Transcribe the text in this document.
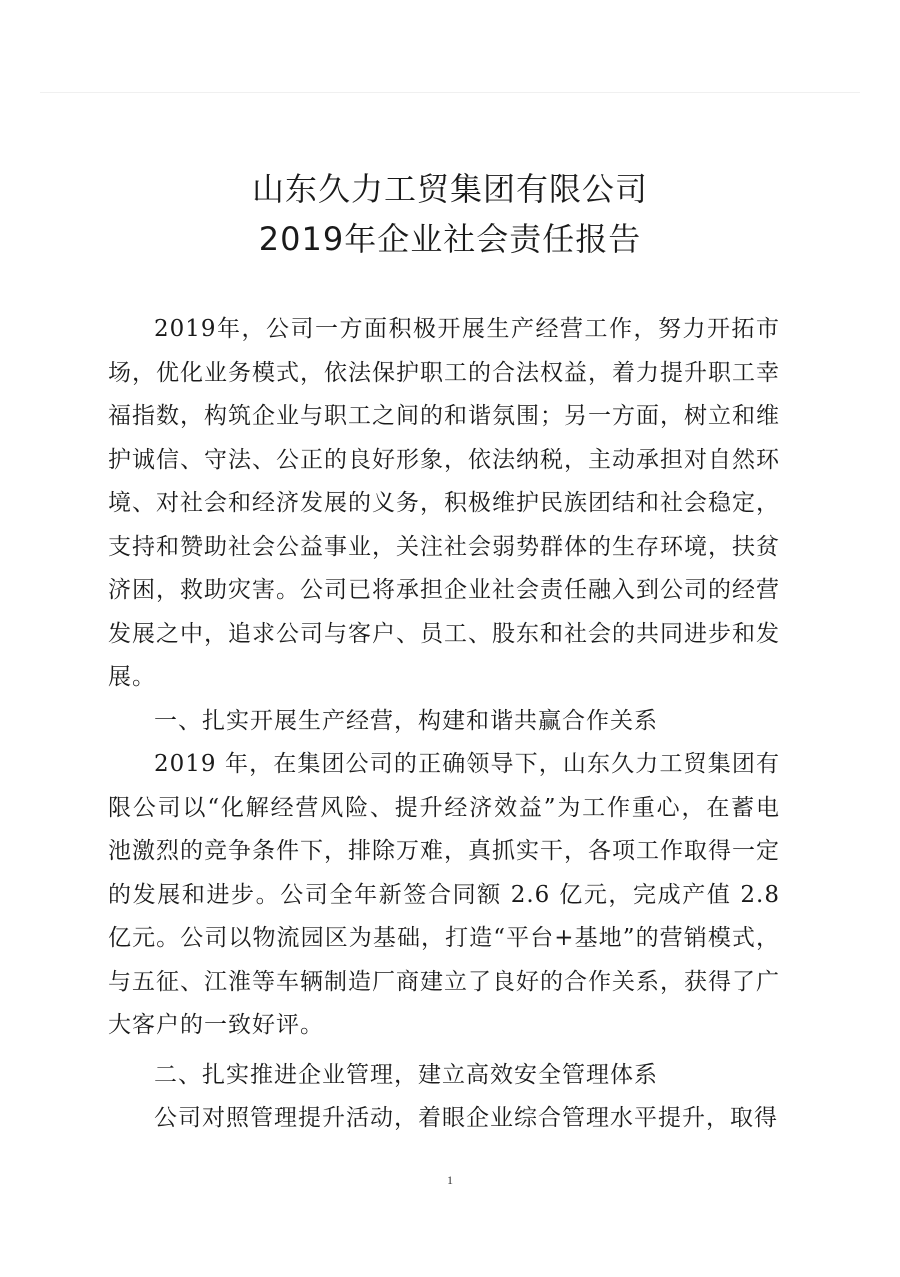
山东久力工贸集团有限公司
2019年企业社会责任报告

2019年，公司一方面积极开展生产经营工作，努力开拓市场，优化业务模式，依法保护职工的合法权益，着力提升职工幸福指数，构筑企业与职工之间的和谐氛围；另一方面，树立和维护诚信、守法、公正的良好形象，依法纳税，主动承担对自然环境、对社会和经济发展的义务，积极维护民族团结和社会稳定，支持和赞助社会公益事业，关注社会弱势群体的生存环境，扶贫济困，救助灾害。公司已将承担企业社会责任融入到公司的经营发展之中，追求公司与客户、员工、股东和社会的共同进步和发展。

一、扎实开展生产经营，构建和谐共赢合作关系

2019 年，在集团公司的正确领导下，山东久力工贸集团有限公司以“化解经营风险、提升经济效益”为工作重心，在蓄电池激烈的竞争条件下，排除万难，真抓实干，各项工作取得一定的发展和进步。公司全年新签合同额 2.6 亿元，完成产值 2.8 亿元。公司以物流园区为基础，打造“平台+基地”的营销模式，与五征、江淮等车辆制造厂商建立了良好的合作关系，获得了广大客户的一致好评。

二、扎实推进企业管理，建立高效安全管理体系

公司对照管理提升活动，着眼企业综合管理水平提升，取得

1
